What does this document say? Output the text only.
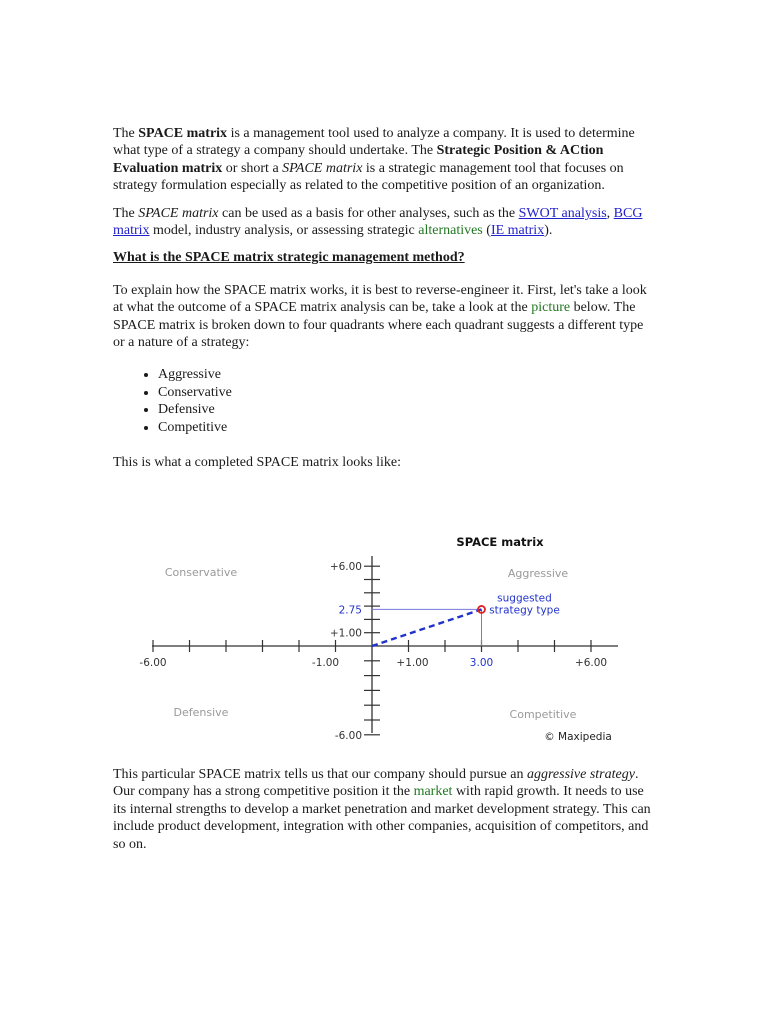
The SPACE matrix is a management tool used to analyze a company. It is used to determine what type of a strategy a company should undertake. The Strategic Position & ACtion Evaluation matrix or short a SPACE matrix is a strategic management tool that focuses on strategy formulation especially as related to the competitive position of an organization.

The SPACE matrix can be used as a basis for other analyses, such as the SWOT analysis, BCG matrix model, industry analysis, or assessing strategic alternatives (IE matrix).

What is the SPACE matrix strategic management method?

To explain how the SPACE matrix works, it is best to reverse-engineer it. First, let's take a look at what the outcome of a SPACE matrix analysis can be, take a look at the picture below. The SPACE matrix is broken down to four quadrants where each quadrant suggests a different type or a nature of a strategy:

• Aggressive
• Conservative
• Defensive
• Competitive

This is what a completed SPACE matrix looks like:

SPACE matrix
Conservative	Aggressive
Defensive	Competitive
-6.00	-1.00	+1.00	3.00	+6.00
+6.00
2.75
+1.00
-6.00
suggested
strategy type
© Maxipedia

This particular SPACE matrix tells us that our company should pursue an aggressive strategy. Our company has a strong competitive position it the market with rapid growth. It needs to use its internal strengths to develop a market penetration and market development strategy. This can include product development, integration with other companies, acquisition of competitors, and so on.
